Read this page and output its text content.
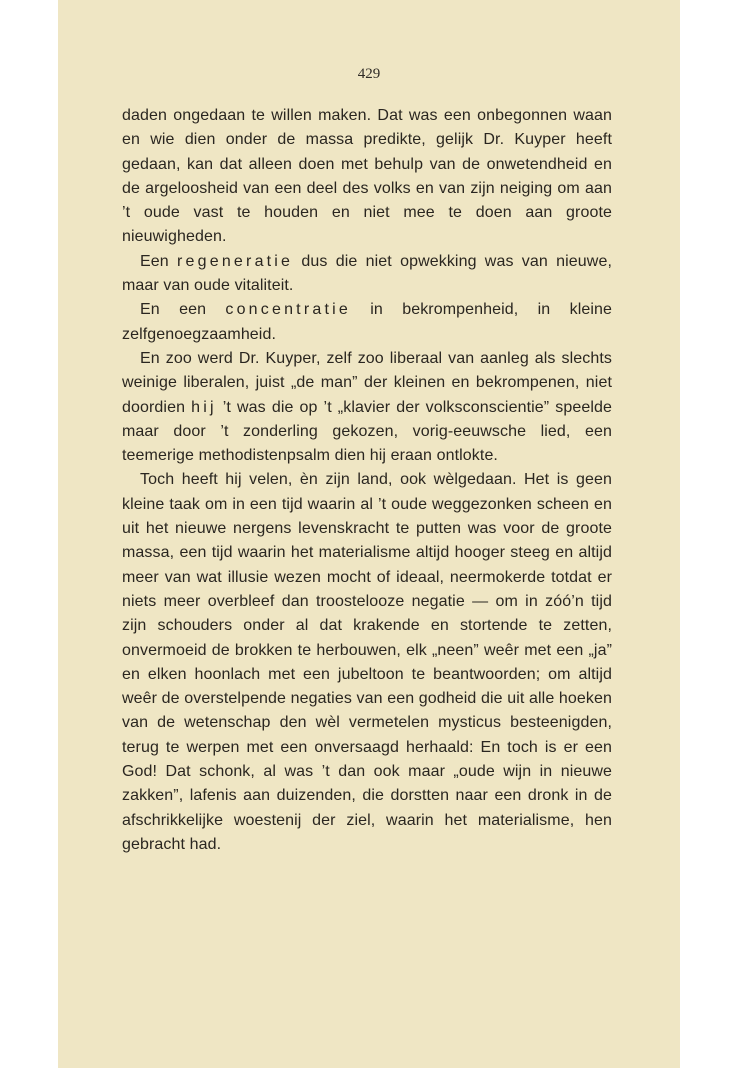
429

daden ongedaan te willen maken. Dat was een onbegonnen waan en wie dien onder de massa predikte, gelijk Dr. Kuyper heeft gedaan, kan dat alleen doen met behulp van de onwetendheid en de argeloosheid van een deel des volks en van zijn neiging om aan ’t oude vast te houden en niet mee te doen aan groote nieuwigheden.

Een regeneratie dus die niet opwekking was van nieuwe, maar van oude vitaliteit.

En een concentratie in bekrompenheid, in kleine zelfgenoegzaamheid.

En zoo werd Dr. Kuyper, zelf zoo liberaal van aanleg als slechts weinige liberalen, juist „de man” der kleinen en bekrompenen, niet doordien hij ’t was die op ’t „klavier der volksconscientie” speelde maar door ’t zonderling gekozen, vorig-eeuwsche lied, een teemerige methodistenpsalm dien hij eraan ontlokte.

Toch heeft hij velen, èn zijn land, ook wèlgedaan. Het is geen kleine taak om in een tijd waarin al ’t oude weggezonken scheen en uit het nieuwe nergens levenskracht te putten was voor de groote massa, een tijd waarin het materialisme altijd hooger steeg en altijd meer van wat illusie wezen mocht of ideaal, neermokerde totdat er niets meer overbleef dan troostelooze negatie — om in zóó’n tijd zijn schouders onder al dat krakende en stortende te zetten, onvermoeid de brokken te herbouwen, elk „neen” weêr met een „ja” en elken hoonlach met een jubeltoon te beantwoorden; om altijd weêr de overstelpende negaties van een godheid die uit alle hoeken van de wetenschap den wèl vermetelen mysticus besteenigden, terug te werpen met een onversaagd herhaald: En toch is er een God! Dat schonk, al was ’t dan ook maar „oude wijn in nieuwe zakken”, lafenis aan duizenden, die dorstten naar een dronk in de afschrikkelijke woestenij der ziel, waarin het materialisme, hen gebracht had.
